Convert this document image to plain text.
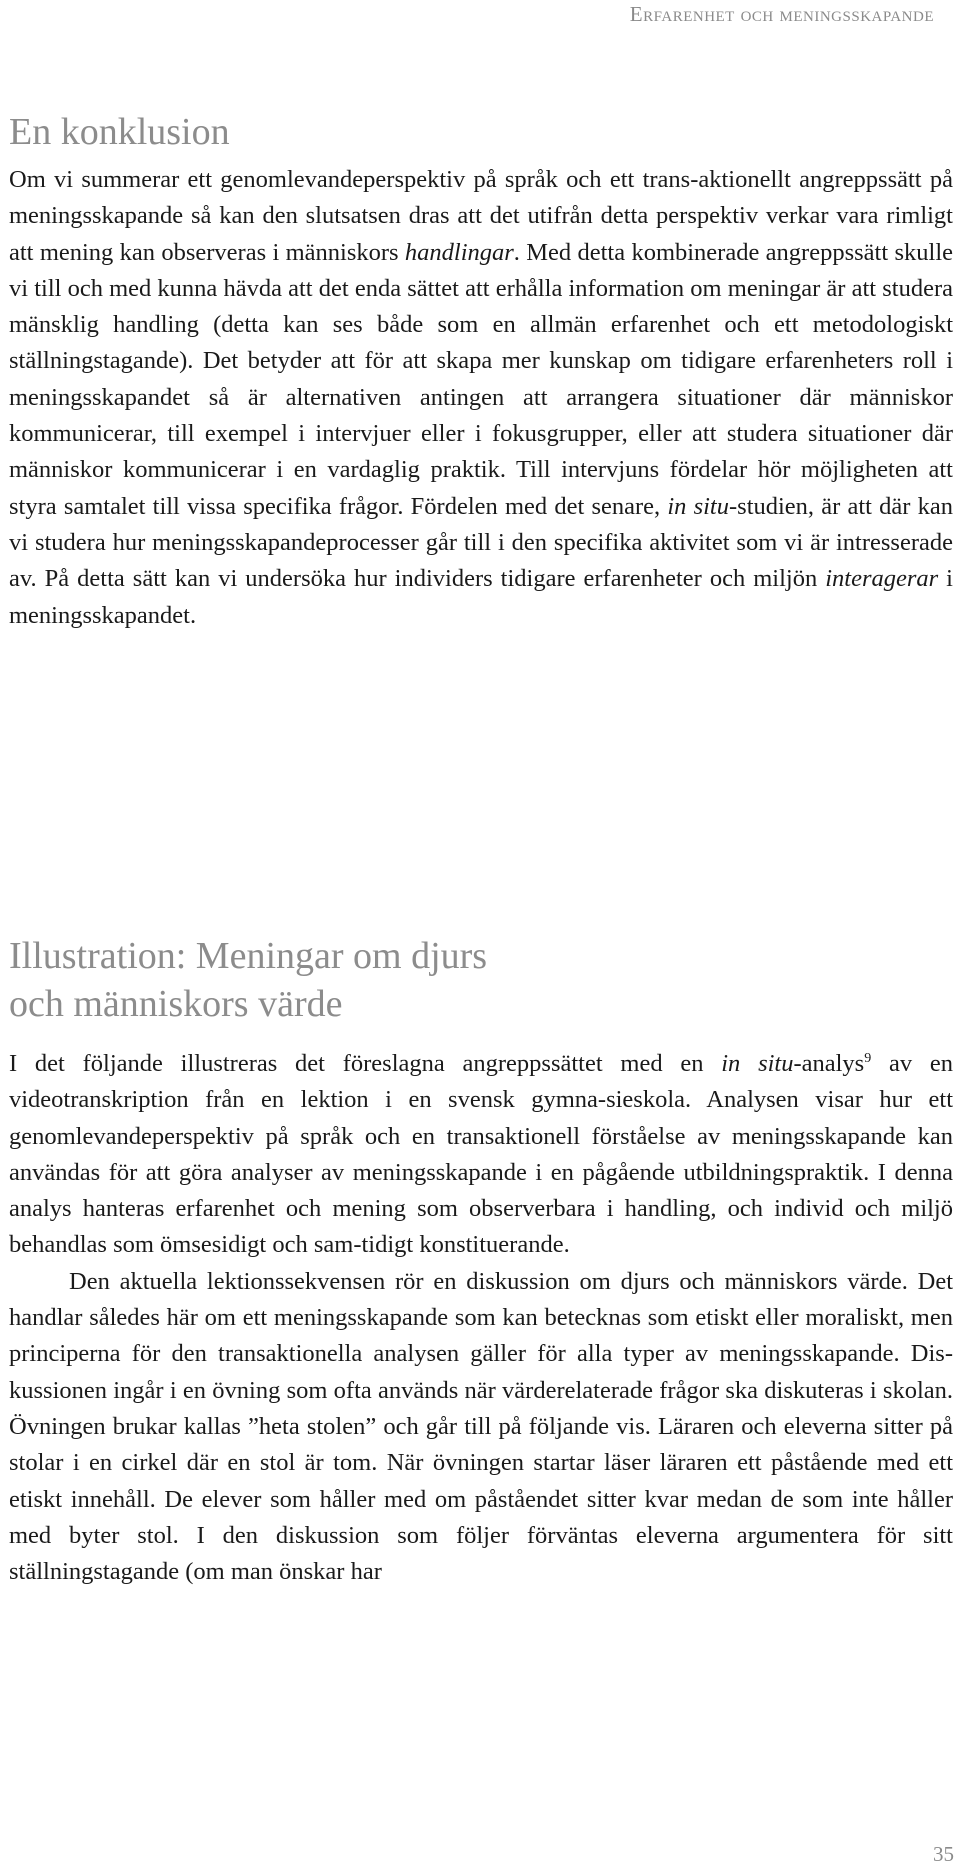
Erfarenhet och meningsskapande
En konklusion

Om vi summerar ett genomlevandeperspektiv på språk och ett trans-aktionellt angreppssätt på meningsskapande så kan den slutsatsen dras att det utifrån detta perspektiv verkar vara rimligt att mening kan observeras i människors handlingar. Med detta kombinerade angreppssätt skulle vi till och med kunna hävda att det enda sättet att erhålla information om meningar är att studera mänsklig handling (detta kan ses både som en allmän erfarenhet och ett metodologiskt ställningstagande). Det betyder att för att skapa mer kunskap om tidigare erfarenheters roll i meningsskapandet så är alternativen antingen att arrangera situationer där människor kommunicerar, till exempel i intervjuer eller i fokusgrupper, eller att studera situationer där människor kommunicerar i en vardaglig praktik. Till intervjuns fördelar hör möjligheten att styra samtalet till vissa specifika frågor. Fördelen med det senare, in situ-studien, är att där kan vi studera hur meningsskapandeprocesser går till i den specifika aktivitet som vi är intresserade av. På detta sätt kan vi undersöka hur individers tidigare erfarenheter och miljön interagerar i meningsskapandet.

Illustration: Meningar om djurs
och människors värde

I det följande illustreras det föreslagna angreppssättet med en in situ-analys$^9$ av en videotranskription från en lektion i en svensk gymna-sieskola. Analysen visar hur ett genomlevandeperspektiv på språk och en transaktionell förståelse av meningsskapande kan användas för att göra analyser av meningsskapande i en pågående utbildningspraktik. I denna analys hanteras erfarenhet och mening som observerbara i handling, och individ och miljö behandlas som ömsesidigt och sam-tidigt konstituerande.

Den aktuella lektionssekvensen rör en diskussion om djurs och människors värde. Det handlar således här om ett meningsskapande som kan betecknas som etiskt eller moraliskt, men principerna för den transaktionella analysen gäller för alla typer av meningsskapande. Dis-kussionen ingår i en övning som ofta används när värderelaterade frågor ska diskuteras i skolan. Övningen brukar kallas ”heta stolen” och går till på följande vis. Läraren och eleverna sitter på stolar i en cirkel där en stol är tom. När övningen startar läser läraren ett påstående med ett etiskt innehåll. De elever som håller med om påståendet sitter kvar medan de som inte håller med byter stol. I den diskussion som följer förväntas eleverna argumentera för sitt ställningstagande (om man önskar har

35
